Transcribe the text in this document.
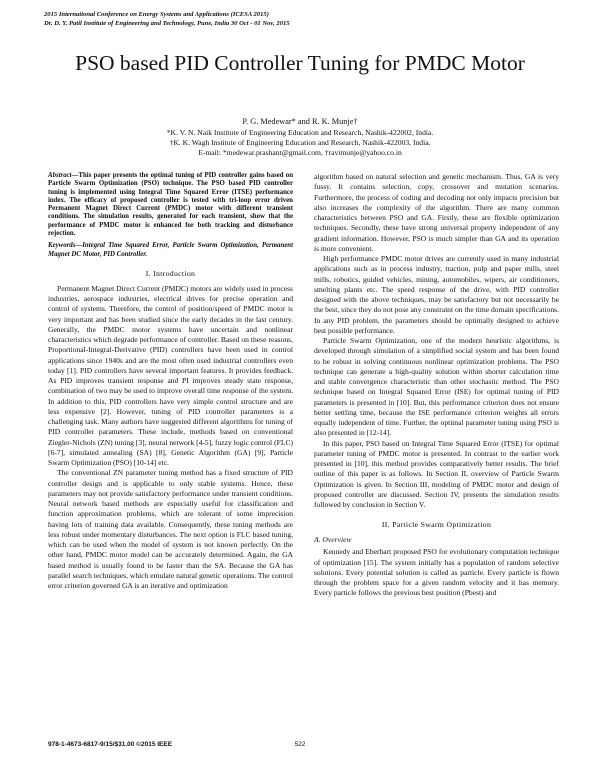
2015 International Conference on Energy Systems and Applications (ICESA 2015)
Dr. D. Y. Patil Institute of Engineering and Technology, Pune, India 30 Oct - 01 Nov, 2015
PSO based PID Controller Tuning for PMDC Motor
P. G. Medewar* and R. K. Munje†
*K. V. N. Naik Institute of Engineering Education and Research, Nashik-422002, India.
†K. K. Wagh Institute of Engineering Education and Research, Nashik-422003, India.
E-mail: *medewar.prashant@gmail.com, †ravimunje@yahoo.co.in

Abstract—This paper presents the optimal tuning of PID controller gains based on Particle Swarm Optimization (PSO) technique. The PSO based PID controller tuning is implemented using Integral Time Squared Error (ITSE) performance index. The efficacy of proposed controller is tested with tri-loop error driven Permanent Magnet Direct Current (PMDC) motor with different transient conditions. The simulation results, generated for each transient, show that the performance of PMDC motor is enhanced for both tracking and disturbance rejection.

Keywords—Integral Time Squared Error, Particle Swarm Optimization, Permanent Magnet DC Motor, PID Controller.

I. Introduction

Permanent Magnet Direct Current (PMDC) motors are widely used in process industries, aerospace industries, electrical drives for precise operation and control of systems. Therefore, the control of position/speed of PMDC motor is very important and has been studied since the early decades in the last century. Generally, the PMDC motor systems have uncertain and nonlinear characteristics which degrade performance of controller. Based on these reasons, Proportional-Integral-Derivative (PID) controllers have been used in control applications since 1940s and are the most often used industrial controllers even today [1]. PID controllers have several important features. It provides feedback. As PID improves transient response and PI improves steady state response, combination of two may be used to improve overall time response of the system. In addition to this, PID controllers have very simple control structure and are less expensive [2]. However, tuning of PID controller parameters is a challenging task. Many authors have suggested different algorithms for tuning of PID controller parameters. These include, methods based on conventional Ziegler-Nichols (ZN) tuning [3], neural network [4-5], fuzzy logic control (FLC) [6-7], simulated annealing (SA) [8], Genetic Algorithm (GA) [9], Particle Swarm Optimization (PSO) [10-14] etc.

The conventional ZN parameter tuning method has a fixed structure of PID controller design and is applicable to only stable systems. Hence, these parameters may not provide satisfactory performance under transient conditions. Neural network based methods are especially useful for classification and function approximation problems, which are tolerant of some imprecision having lots of training data available. Consequently, these tuning methods are less robust under momentary disturbances. The next option is FLC based tuning, which can be used when the model of system is not known perfectly. On the other hand, PMDC motor model can be accurately determined. Again, the GA based method is usually found to be faster than the SA. Because the GA has parallel search techniques, which emulate natural genetic operations. The control error criterion governed GA is an iterative and optimization

algorithm based on natural selection and genetic mechanism. Thus, GA is very fussy. It contains selection, copy, crossover and mutation scenarios. Furthermore, the process of coding and decoding not only impacts precision but also increases the complexity of the algorithm. There are many common characteristics between PSO and GA. Firstly, these are flexible optimization techniques. Secondly, these have strong universal property independent of any gradient information. However, PSO is much simpler than GA and its operation is more convenient.

High performance PMDC motor drives are currently used in many industrial applications such as in process industry, traction, pulp and paper mills, steel mills, robotics, guided vehicles, mining, automobiles, wipers, air conditioners, smelting plants etc. The speed response of the drive, with PID controller designed with the above techniques, may be satisfactory but not necessarily be the best, since they do not pose any constraint on the time domain specifications. In any PID problem, the parameters should be optimally designed to achieve best possible performance.

Particle Swarm Optimization, one of the modern heuristic algorithms, is developed through simulation of a simplified social system and has been found to be robust in solving continuous nonlinear optimization problems. The PSO technique can generate a high-quality solution within shorter calculation time and stable convergence characteristic than other stochastic method. The PSO technique based on Integral Squared Error (ISE) for optimal tuning of PID parameters is presented in [10]. But, this performance criterion does not ensure better settling time, because the ISE performance criterion weights all errors equally independent of time. Further, the optimal parameter tuning using PSO is also presented in [12-14].

In this paper, PSO based on Integral Time Squared Error (ITSE) for optimal parameter tuning of PMDC motor is presented. In contrast to the earlier work presented in [10], this method provides comparatively better results. The brief outline of this paper is as follows. In Section II, overview of Particle Swarm Optimization is given. In Section III, modeling of PMDC motor and design of proposed controller are discussed. Section IV, presents the simulation results followed by conclusion in Section V.

II. Particle Swarm Optimization
A. Overview

Kennedy and Eberhart proposed PSO for evolutionary computation technique of optimization [15]. The system initially has a population of random selective solutions. Every potential solution is called as particle. Every particle is flown through the problem space for a given random velocity and it has memory. Every particle follows the previous best position (Pbest) and

978-1-4673-6817-9/15/$31.00 ©2015 IEEE	522
